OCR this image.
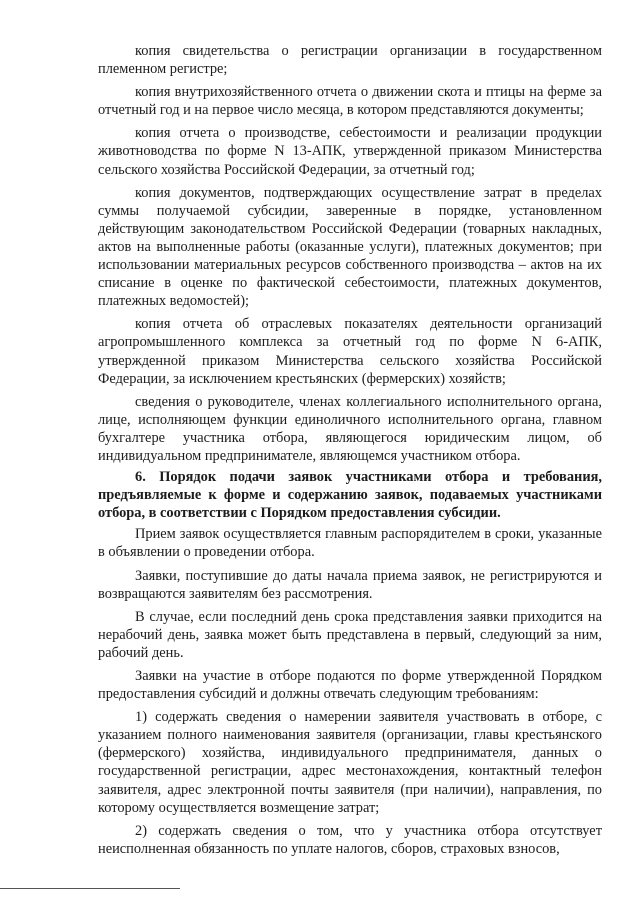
копия свидетельства о регистрации организации в государственном племенном регистре;

копия внутрихозяйственного отчета о движении скота и птицы на ферме за отчетный год и на первое число месяца, в котором представляются документы;

копия отчета о производстве, себестоимости и реализации продукции животноводства по форме N 13-АПК, утвержденной приказом Министерства сельского хозяйства Российской Федерации, за отчетный год;

копия документов, подтверждающих осуществление затрат в пределах суммы получаемой субсидии, заверенные в порядке, установленном действующим законодательством Российской Федерации (товарных накладных, актов на выполненные работы (оказанные услуги), платежных документов; при использовании материальных ресурсов собственного производства – актов на их списание в оценке по фактической себестоимости, платежных документов, платежных ведомостей);

копия отчета об отраслевых показателях деятельности организаций агропромышленного комплекса за отчетный год по форме N 6-АПК, утвержденной приказом Министерства сельского хозяйства Российской Федерации, за исключением крестьянских (фермерских) хозяйств;

сведения о руководителе, членах коллегиального исполнительного органа, лице, исполняющем функции единоличного исполнительного органа, главном бухгалтере участника отбора, являющегося юридическим лицом, об индивидуальном предпринимателе, являющемся участником отбора.

6. Порядок подачи заявок участниками отбора и требования, предъявляемые к форме и содержанию заявок, подаваемых участниками отбора, в соответствии с Порядком предоставления субсидии.

Прием заявок осуществляется главным распорядителем в сроки, указанные в объявлении о проведении отбора.

Заявки, поступившие до даты начала приема заявок, не регистрируются и возвращаются заявителям без рассмотрения.

В случае, если последний день срока представления заявки приходится на нерабочий день, заявка может быть представлена в первый, следующий за ним, рабочий день.

Заявки на участие в отборе подаются по форме утвержденной Порядком предоставления субсидий и должны отвечать следующим требованиям:

1) содержать сведения о намерении заявителя участвовать в отборе, с указанием полного наименования заявителя (организации, главы крестьянского (фермерского) хозяйства, индивидуального предпринимателя, данных о государственной регистрации, адрес местонахождения, контактный телефон заявителя, адрес электронной почты заявителя (при наличии), направления, по которому осуществляется возмещение затрат;

2) содержать сведения о том, что у участника отбора отсутствует неисполненная обязанность по уплате налогов, сборов, страховых взносов,
